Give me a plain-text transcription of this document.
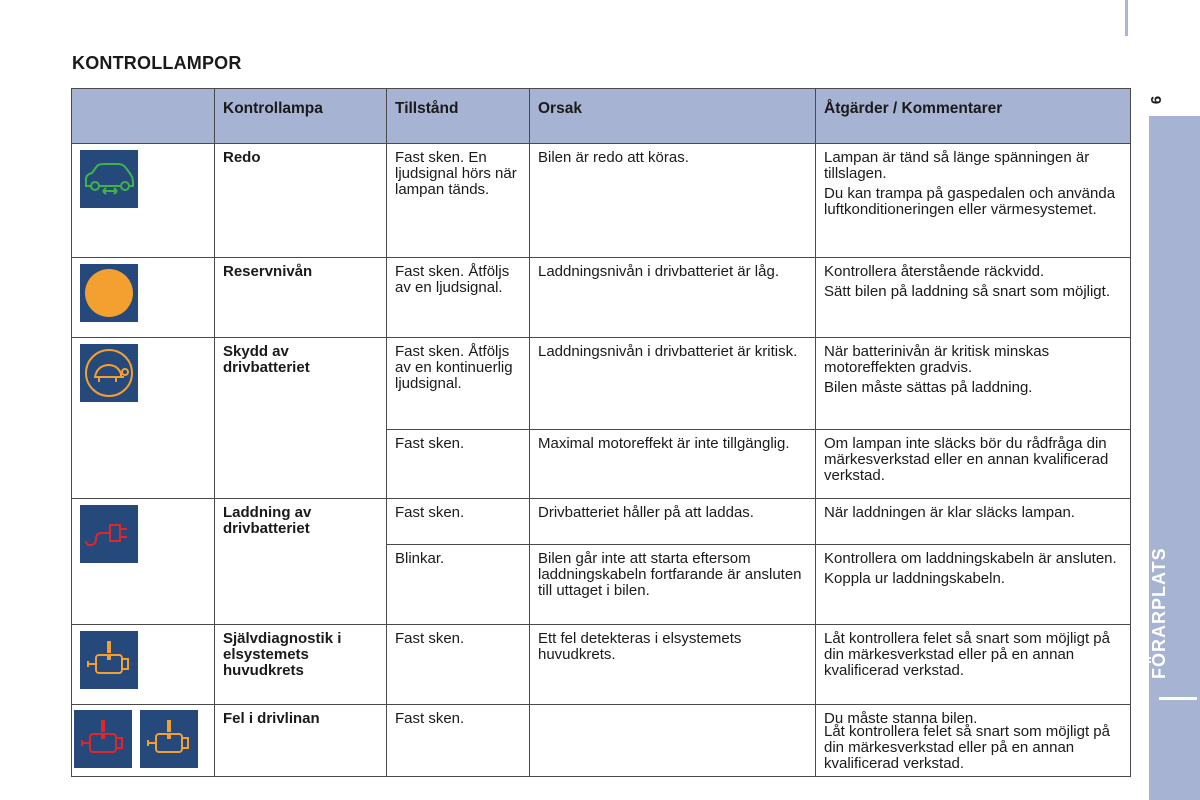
KONTROLLAMPOR
9
FÖRARPLATS
	Kontrollampa	Tillstånd	Orsak	Åtgärder / Kommentarer

	Redo	Fast sken. En ljudsignal hörs när lampan tänds.	Bilen är redo att köras.	Lampan är tänd så länge spänningen är tillslagen.
Du kan trampa på gaspedalen och använda luftkonditioneringen eller värmesystemet.

	Reservnivån	Fast sken. Åtföljs av en ljudsignal.	Laddningsnivån i drivbatteriet är låg.	Kontrollera återstående räckvidd.
Sätt bilen på laddning så snart som möjligt.

	Skydd av drivbatteriet	Fast sken. Åtföljs av en kontinuerlig ljudsignal.	Laddningsnivån i drivbatteriet är kritisk.	När batterinivån är kritisk minskas motoreffekten gradvis.
Bilen måste sättas på laddning.

		Fast sken.	Maximal motoreffekt är inte tillgänglig.	Om lampan inte släcks bör du rådfråga din märkesverkstad eller en annan kvalificerad verkstad.

	Laddning av drivbatteriet	Fast sken.	Drivbatteriet håller på att laddas.	När laddningen är klar släcks lampan.

		Blinkar.	Bilen går inte att starta eftersom laddningskabeln fortfarande är ansluten till uttaget i bilen.	Kontrollera om laddningskabeln är ansluten.
Koppla ur laddningskabeln.

	Självdiagnostik i elsystemets huvudkrets	Fast sken.	Ett fel detekteras i elsystemets huvudkrets.	Låt kontrollera felet så snart som möjligt på din märkesverkstad eller på en annan kvalificerad verkstad.

	Fel i drivlinan	Fast sken.		Du måste stanna bilen.
Låt kontrollera felet så snart som möjligt på din märkesverkstad eller på en annan kvalificerad verkstad.
